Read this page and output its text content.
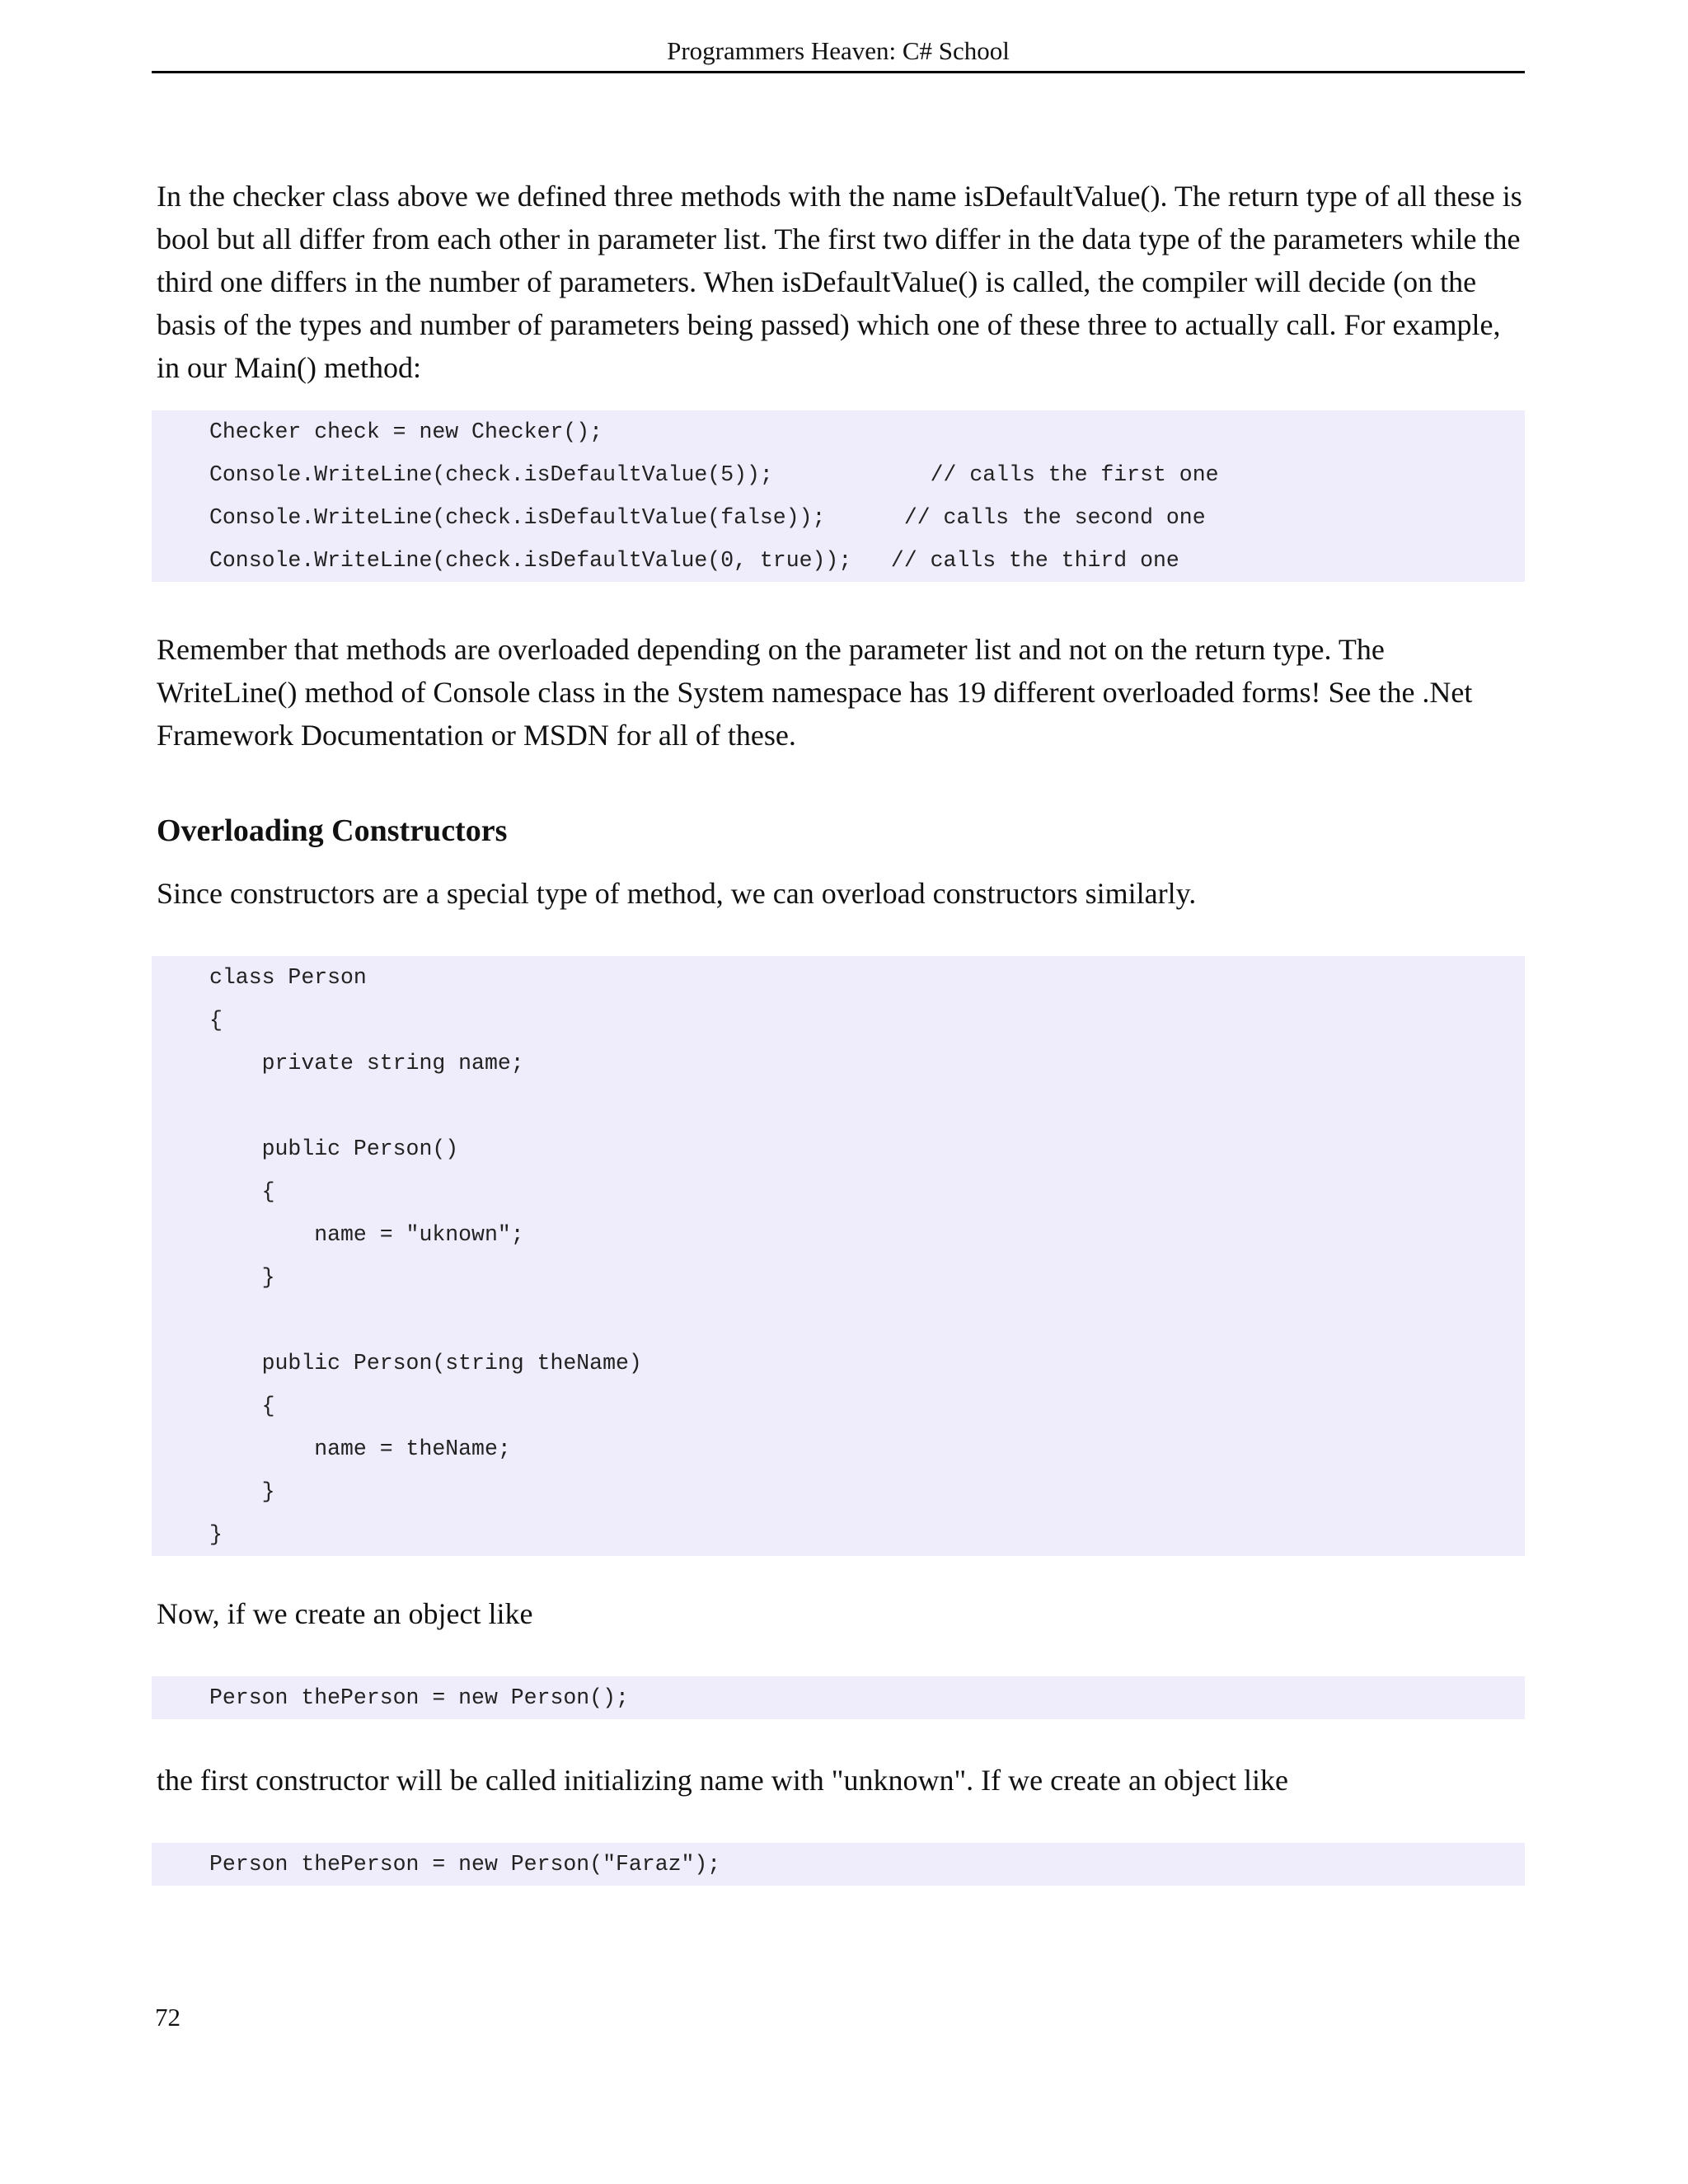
Programmers Heaven: C# School

In the checker class above we defined three methods with the name isDefaultValue(). The return type of all these is bool but all differ from each other in parameter list. The first two differ in the data type of the parameters while the third one differs in the number of parameters. When isDefaultValue() is called, the compiler will decide (on the basis of the types and number of parameters being passed) which one of these three to actually call. For example, in our Main() method:

Checker check = new Checker();
Console.WriteLine(check.isDefaultValue(5));            // calls the first one
Console.WriteLine(check.isDefaultValue(false));      // calls the second one
Console.WriteLine(check.isDefaultValue(0, true));   // calls the third one

Remember that methods are overloaded depending on the parameter list and not on the return type. The WriteLine() method of Console class in the System namespace has 19 different overloaded forms! See the .Net Framework Documentation or MSDN for all of these.

Overloading Constructors

Since constructors are a special type of method, we can overload constructors similarly.

class Person
{
private string name;
public Person()
{
name = "uknown";
}
public Person(string theName)
{
name = theName;
}
}

Now, if we create an object like

Person thePerson = new Person();

the first constructor will be called initializing name with "unknown". If we create an object like

Person thePerson = new Person("Faraz");
72
